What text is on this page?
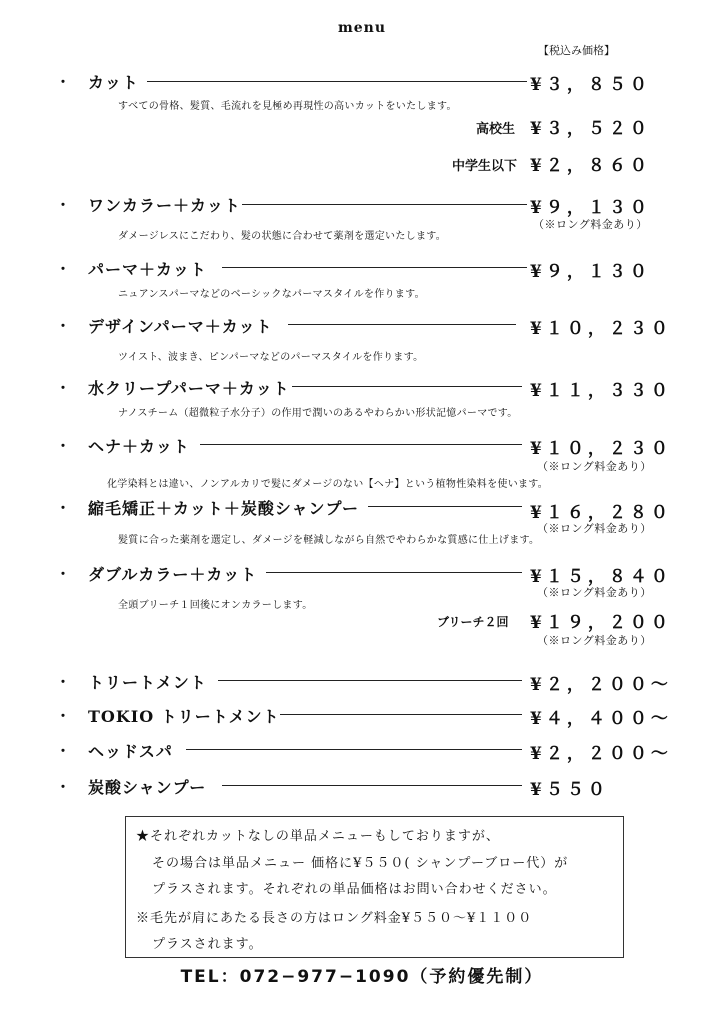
menu
【税込み価格】
・ カット	¥３，８５０
すべての骨格、髪質、毛流れを見極め再現性の高いカットをいたします。
高校生 ¥３，５２０
中学生以下 ¥２，８６０
・ ワンカラー＋カット	¥９，１３０
（※ロング料金あり）
ダメージレスにこだわり、髪の状態に合わせて薬剤を選定いたします。
・ パーマ＋カット	¥９，１３０
ニュアンスパーマなどのベーシックなパーマスタイルを作ります。
・ デザインパーマ＋カット	¥１０，２３０
ツイスト、波まき、ピンパーマなどのパーマスタイルを作ります。
・ 水クリープパーマ＋カット	¥１１，３３０
ナノスチーム（超微粒子水分子）の作用で潤いのあるやわらかい形状記憶パーマです。
・ ヘナ＋カット	¥１０，２３０
（※ロング料金あり）
化学染料とは違い、ノンアルカリで髪にダメージのない【ヘナ】という植物性染料を使います。
・ 縮毛矯正＋カット＋炭酸シャンプー	¥１６，２８０
（※ロング料金あり）
髪質に合った薬剤を選定し、ダメージを軽減しながら自然でやわらかな質感に仕上げます。
・ ダブルカラー＋カット	¥１５，８４０
（※ロング料金あり）
全頭ブリーチ１回後にオンカラーします。
ブリーチ２回 ¥１９，２００
（※ロング料金あり）
・ トリートメント	¥２，２００〜
・ TOKIO トリートメント	¥４，４００〜
・ ヘッドスパ	¥２，２００〜
・ 炭酸シャンプー	¥５５０
★それぞれカットなしの単品メニューもしておりますが、
その場合は単品メニュー 価格に¥５５０( シャンプーブロー代）が
プラスされます。それぞれの単品価格はお問い合わせください。
※毛先が肩にあたる長さの方はロング料金¥５５０〜¥１１００
プラスされます。
TEL：072−977−1090（予約優先制）
